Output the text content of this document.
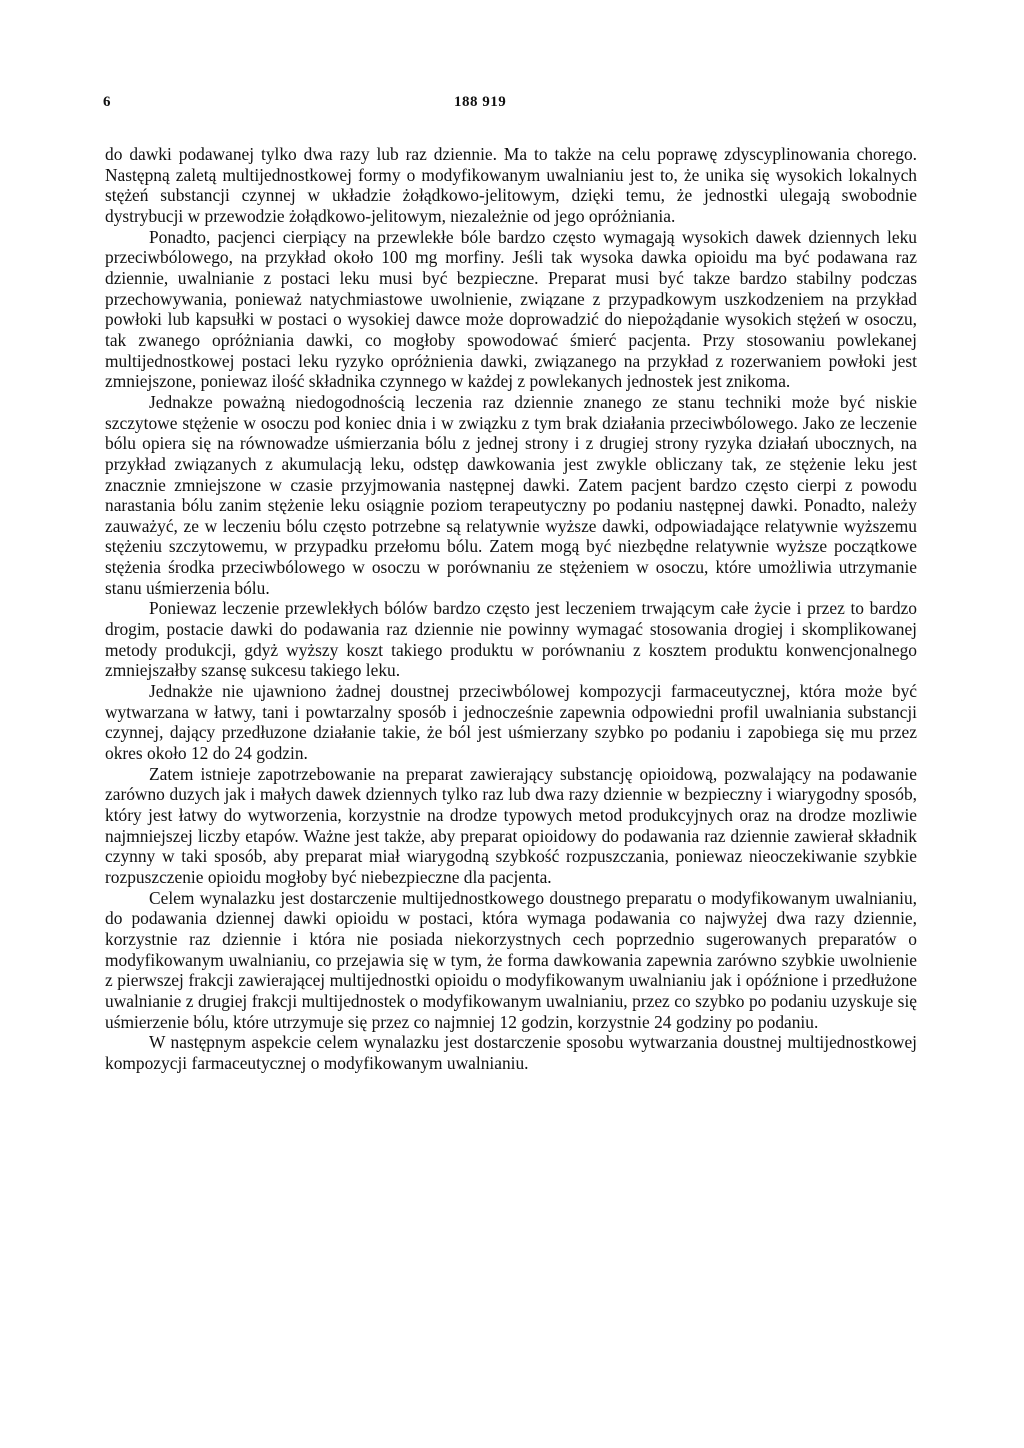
6	188 919

do dawki podawanej tylko dwa razy lub raz dziennie. Ma to także na celu poprawę zdyscyplinowania chorego. Następną zaletą multijednostkowej formy o modyfikowanym uwalnianiu jest to, że unika się wysokich lokalnych stężeń substancji czynnej w układzie żołądkowo-jelitowym, dzięki temu, że jednostki ulegają swobodnie dystrybucji w przewodzie żołądkowo-jelitowym, niezależnie od jego opróżniania.

Ponadto, pacjenci cierpiący na przewlekłe bóle bardzo często wymagają wysokich dawek dziennych leku przeciwbólowego, na przykład około 100 mg morfiny. Jeśli tak wysoka dawka opioidu ma być podawana raz dziennie, uwalnianie z postaci leku musi być bezpieczne. Preparat musi być takze bardzo stabilny podczas przechowywania, ponieważ natychmiastowe uwolnienie, związane z przypadkowym uszkodzeniem na przykład powłoki lub kapsułki w postaci o wysokiej dawce może doprowadzić do niepożądanie wysokich stężeń w osoczu, tak zwanego opróżniania dawki, co mogłoby spowodować śmierć pacjenta. Przy stosowaniu powlekanej multijednostkowej postaci leku ryzyko opróżnienia dawki, związanego na przykład z rozerwaniem powłoki jest zmniejszone, poniewaz ilość składnika czynnego w każdej z powlekanych jednostek jest znikoma.

Jednakze poważną niedogodnością leczenia raz dziennie znanego ze stanu techniki może być niskie szczytowe stężenie w osoczu pod koniec dnia i w związku z tym brak działania przeciwbólowego. Jako ze leczenie bólu opiera się na równowadze uśmierzania bólu z jednej strony i z drugiej strony ryzyka działań ubocznych, na przykład związanych z akumulacją leku, odstęp dawkowania jest zwykle obliczany tak, ze stężenie leku jest znacznie zmniejszone w czasie przyjmowania następnej dawki. Zatem pacjent bardzo często cierpi z powodu narastania bólu zanim stężenie leku osiągnie poziom terapeutyczny po podaniu następnej dawki. Ponadto, należy zauważyć, ze w leczeniu bólu często potrzebne są relatywnie wyższe dawki, odpowiadające relatywnie wyższemu stężeniu szczytowemu, w przypadku przełomu bólu. Zatem mogą być niezbędne relatywnie wyższe początkowe stężenia środka przeciwbólowego w osoczu w porównaniu ze stężeniem w osoczu, które umożliwia utrzymanie stanu uśmierzenia bólu.

Poniewaz leczenie przewlekłych bólów bardzo często jest leczeniem trwającym całe życie i przez to bardzo drogim, postacie dawki do podawania raz dziennie nie powinny wymagać stosowania drogiej i skomplikowanej metody produkcji, gdyż wyższy koszt takiego produktu w porównaniu z kosztem produktu konwencjonalnego zmniejszałby szansę sukcesu takiego leku.

Jednakże nie ujawniono żadnej doustnej przeciwbólowej kompozycji farmaceutycznej, która może być wytwarzana w łatwy, tani i powtarzalny sposób i jednocześnie zapewnia odpowiedni profil uwalniania substancji czynnej, dający przedłuzone działanie takie, że ból jest uśmierzany szybko po podaniu i zapobiega się mu przez okres około 12 do 24 godzin.

Zatem istnieje zapotrzebowanie na preparat zawierający substancję opioidową, pozwalający na podawanie zarówno duzych jak i małych dawek dziennych tylko raz lub dwa razy dziennie w bezpieczny i wiarygodny sposób, który jest łatwy do wytworzenia, korzystnie na drodze typowych metod produkcyjnych oraz na drodze mozliwie najmniejszej liczby etapów. Ważne jest także, aby preparat opioidowy do podawania raz dziennie zawierał składnik czynny w taki sposób, aby preparat miał wiarygodną szybkość rozpuszczania, poniewaz nieoczekiwanie szybkie rozpuszczenie opioidu mogłoby być niebezpieczne dla pacjenta.

Celem wynalazku jest dostarczenie multijednostkowego doustnego preparatu o modyfikowanym uwalnianiu, do podawania dziennej dawki opioidu w postaci, która wymaga podawania co najwyżej dwa razy dziennie, korzystnie raz dziennie i która nie posiada niekorzystnych cech poprzednio sugerowanych preparatów o modyfikowanym uwalnianiu, co przejawia się w tym, że forma dawkowania zapewnia zarówno szybkie uwolnienie z pierwszej frakcji zawierającej multijednostki opioidu o modyfikowanym uwalnianiu jak i opóźnione i przedłużone uwalnianie z drugiej frakcji multijednostek o modyfikowanym uwalnianiu, przez co szybko po podaniu uzyskuje się uśmierzenie bólu, które utrzymuje się przez co najmniej 12 godzin, korzystnie 24 godziny po podaniu.

W następnym aspekcie celem wynalazku jest dostarczenie sposobu wytwarzania doustnej multijednostkowej kompozycji farmaceutycznej o modyfikowanym uwalnianiu.
